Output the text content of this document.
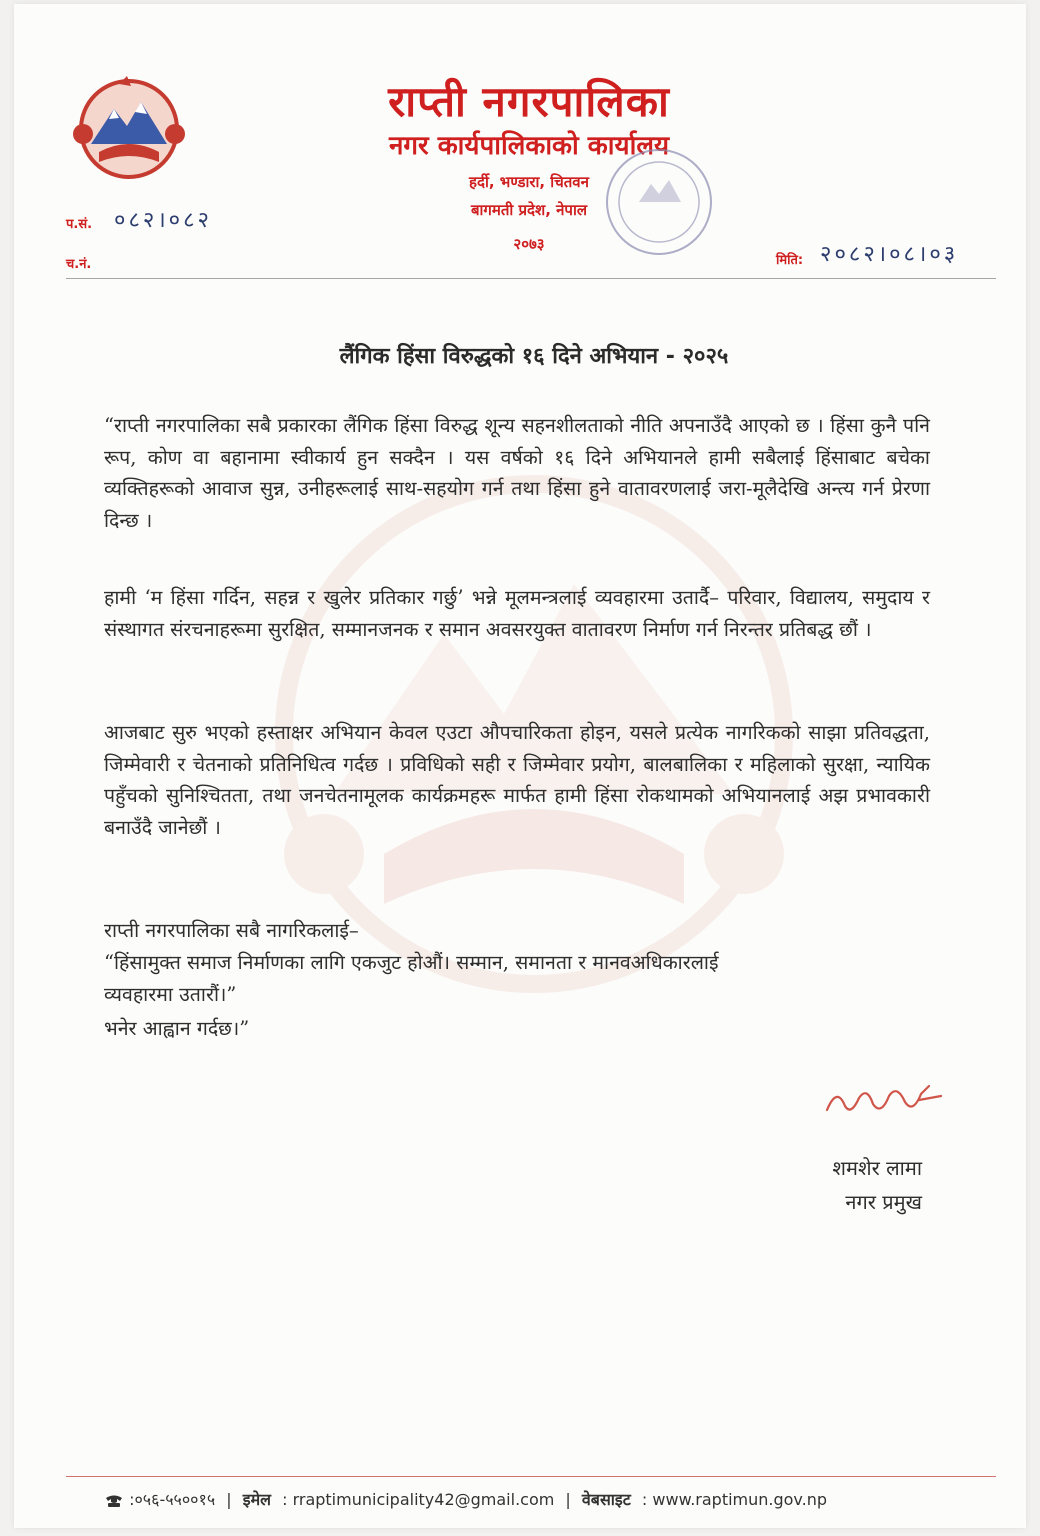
राप्ती नगरपालिका
नगर कार्यपालिकाको कार्यालय
हर्दी, भण्डारा, चितवन
बागमती प्रदेश, नेपाल
२०७३
प.सं. ०८२।०८२
च.नं.	मिति: २०८२।०८।०३
लैंगिक हिंसा विरुद्धको १६ दिने अभियान - २०२५

“राप्ती नगरपालिका सबै प्रकारका लैंगिक हिंसा विरुद्ध शून्य सहनशीलताको नीति अपनाउँदै आएको छ । हिंसा कुनै पनि रूप, कोण वा बहानामा स्वीकार्य हुन सक्दैन । यस वर्षको १६ दिने अभियानले हामी सबैलाई हिंसाबाट बचेका व्यक्तिहरूको आवाज सुन्न, उनीहरूलाई साथ-सहयोग गर्न तथा हिंसा हुने वातावरणलाई जरा-मूलैदेखि अन्त्य गर्न प्रेरणा दिन्छ ।

हामी ‘म हिंसा गर्दिन, सहन्न र खुलेर प्रतिकार गर्छु’ भन्ने मूलमन्त्रलाई व्यवहारमा उतार्दै– परिवार, विद्यालय, समुदाय र संस्थागत संरचनाहरूमा सुरक्षित, सम्मानजनक र समान अवसरयुक्त वातावरण निर्माण गर्न निरन्तर प्रतिबद्ध छौं ।

आजबाट सुरु भएको हस्ताक्षर अभियान केवल एउटा औपचारिकता होइन, यसले प्रत्येक नागरिकको साझा प्रतिवद्धता, जिम्मेवारी र चेतनाको प्रतिनिधित्व गर्दछ । प्रविधिको सही र जिम्मेवार प्रयोग, बालबालिका र महिलाको सुरक्षा, न्यायिक पहुँचको सुनिश्चितता, तथा जनचेतनामूलक कार्यक्रमहरू मार्फत हामी हिंसा रोकथामको अभियानलाई अझ प्रभावकारी बनाउँदै जानेछौं ।

राप्ती नगरपालिका सबै नागरिकलाई–
“हिंसामुक्त समाज निर्माणका लागि एकजुट होऔं। सम्मान, समानता र मानवअधिकारलाई
व्यवहारमा उतारौं।”
भनेर आह्वान गर्दछ।”
शमशेर लामा
नगर प्रमुख
:०५६-५५००१५ | इमेल : rraptimunicipality42@gmail.com | वेबसाइट : www.raptimun.gov.np
